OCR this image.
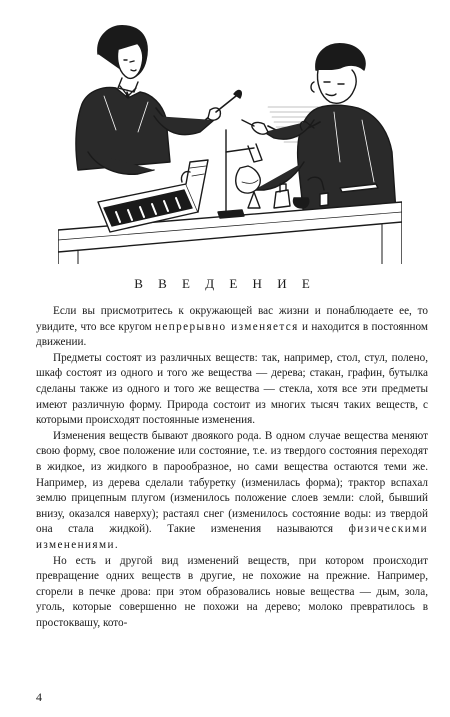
В В Е Д Е Н И Е

Если вы присмотритесь к окружающей вас жизни и понаблюдаете ее, то увидите, что все кругом непрерывно изменяется и находится в постоянном движении.

Предметы состоят из различных веществ: так, например, стол, стул, полено, шкаф состоят из одного и того же вещества — дерева; стакан, графин, бутылка сделаны также из одного и того же вещества — стекла, хотя все эти предметы имеют различную форму. Природа состоит из многих тысяч таких веществ, с которыми происходят постоянные изменения.

Изменения веществ бывают двоякого рода. В одном случае вещества меняют свою форму, свое положение или состояние, т.е. из твердого состояния переходят в жидкое, из жидкого в парообразное, но сами вещества остаются теми же. Например, из дерева сделали табуретку (изменилась форма); трактор вспахал землю прицепным плугом (изменилось положение слоев земли: слой, бывший внизу, оказался наверху); растаял снег (изменилось состояние воды: из твердой она стала жидкой). Такие изменения называются физическими изменениями.

Но есть и другой вид изменений веществ, при котором происходит превращение одних веществ в другие, не похожие на прежние. Например, сгорели в печке дрова: при этом образовались новые вещества — дым, зола, уголь, которые совершенно не похожи на дерево; молоко превратилось в простоквашу, кото-

4
